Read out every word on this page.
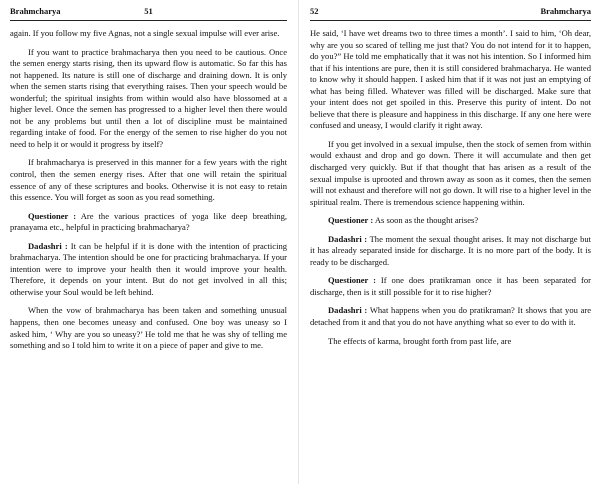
Brahmcharya	51

again. If you follow my five Agnas, not a single sexual impulse will ever arise.

If you want to practice brahmacharya then you need to be cautious. Once the semen energy starts rising, then its upward flow is automatic. So far this has not happened. Its nature is still one of discharge and draining down. It is only when the semen starts rising that everything raises. Then your speech would be wonderful; the spiritual insights from within would also have blossomed at a higher level. Once the semen has progressed to a higher level then there would not be any problems but until then a lot of discipline must be maintained regarding intake of food. For the energy of the semen to rise higher do you not need to help it or would it progress by itself?

If brahmacharya is preserved in this manner for a few years with the right control, then the semen energy rises. After that one will retain the spiritual essence of any of these scriptures and books. Otherwise it is not easy to retain this essence. You will forget as soon as you read something.

Questioner : Are the various practices of yoga like deep breathing, pranayama etc., helpful in practicing brahmacharya?

Dadashri : It can be helpful if it is done with the intention of practicing brahmacharya. The intention should be one for practicing brahmacharya. If your intention were to improve your health then it would improve your health. Therefore, it depends on your intent. But do not get involved in all this; otherwise your Soul would be left behind.

When the vow of brahmacharya has been taken and something unusual happens, then one becomes uneasy and confused. One boy was uneasy so I asked him, ‘ Why are you so uneasy?’ He told me that he was shy of telling me something and so I told him to write it on a piece of paper and give to me.

52	Brahmcharya

He said, ‘I have wet dreams two to three times a month’. I said to him, ‘Oh dear, why are you so scared of telling me just that? You do not intend for it to happen, do you?” He told me emphatically that it was not his intention. So I informed him that if his intentions are pure, then it is still considered brahmacharya. He wanted to know why it should happen. I asked him that if it was not just an emptying of what has being filled. Whatever was filled will be discharged. Make sure that your intent does not get spoiled in this. Preserve this purity of intent. Do not believe that there is pleasure and happiness in this discharge. If any one here were confused and uneasy, I would clarify it right away.

If you get involved in a sexual impulse, then the stock of semen from within would exhaust and drop and go down. There it will accumulate and then get discharged very quickly. But if that thought that has arisen as a result of the sexual impulse is uprooted and thrown away as soon as it comes, then the semen will not exhaust and therefore will not go down. It will rise to a higher level in the spiritual realm. There is tremendous science happening within.

Questioner : As soon as the thought arises?

Dadashri : The moment the sexual thought arises. It may not discharge but it has already separated inside for discharge. It is no more part of the body. It is ready to be discharged.

Questioner : If one does pratikraman once it has been separated for discharge, then is it still possible for it to rise higher?

Dadashri : What happens when you do pratikraman? It shows that you are detached from it and that you do not have anything what so ever to do with it.

The effects of karma, brought forth from past life, are
